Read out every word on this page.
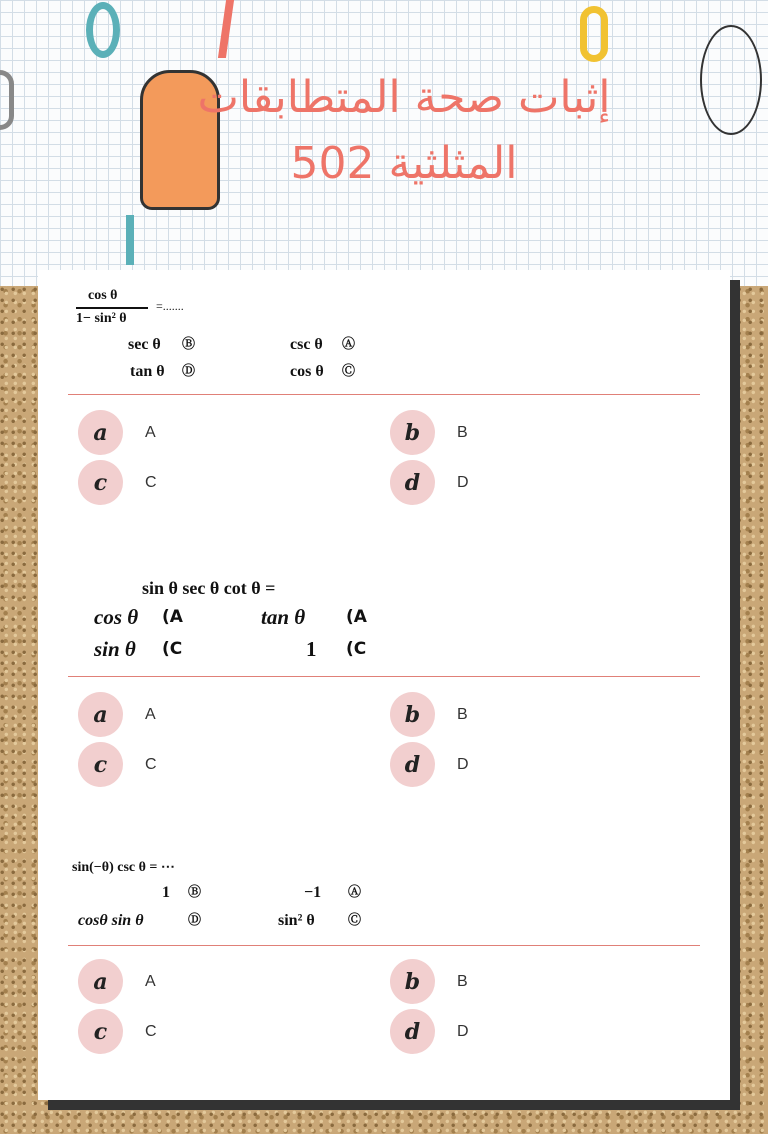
إثبات صحة المتطابقات
المثلثية 502
cos θ
1− sin² θ
=.......
sec θ Ⓑ	csc θ Ⓐ
tan θ Ⓓ	cos θ Ⓒ
a	A	b	B
c	C	d	D
sin θ sec θ cot θ =
cos θ (A	tan θ (A
sin θ (C	1 (C
a	A	b	B
c	C	d	D
sin(−θ) csc θ = ⋯
1 Ⓑ	−1 Ⓐ
cosθ sin θ	Ⓓ	sin² θ	Ⓒ
a	A	b	B
c	C	d	D
